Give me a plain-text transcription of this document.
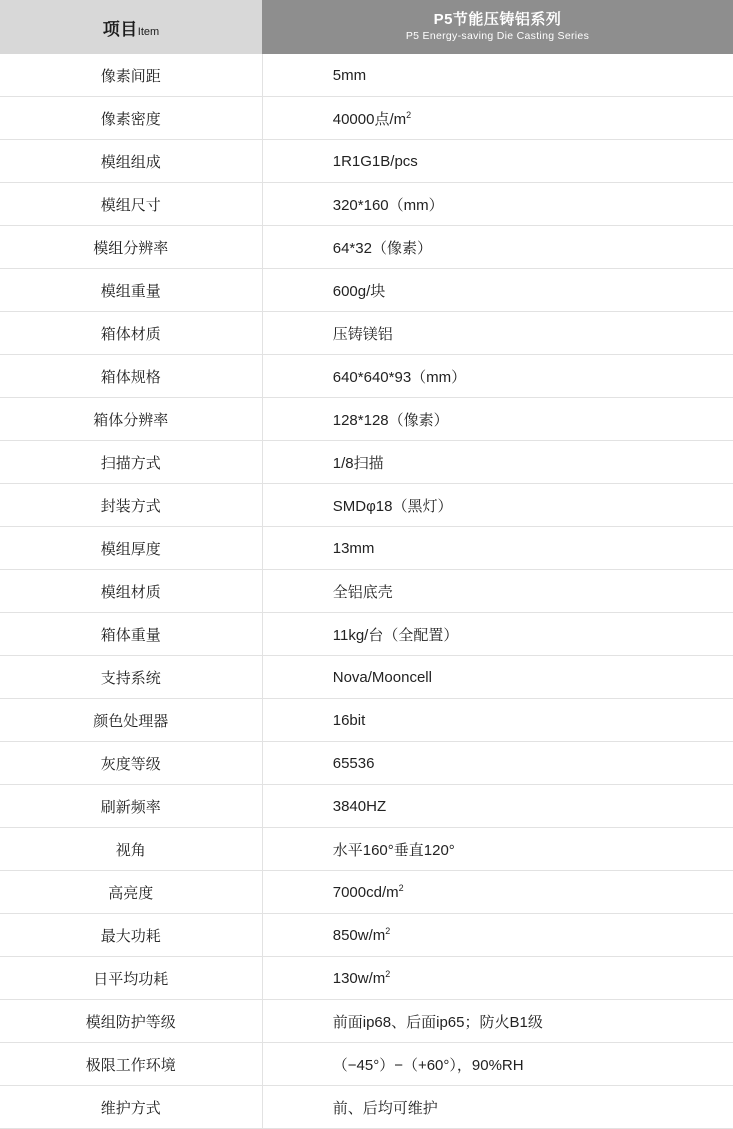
项目Item	P5节能压铸铝系列
P5 Energy-saving Die Casting Series

像素间距	5mm
像素密度	40000点$/m^2$
模组组成	1R1G1B/pcs
模组尺寸	320*160（mm）
模组分辨率	64*32（像素）
模组重量	600g/块
箱体材质	压铸镁铝
箱体规格	640*640*93（mm）
箱体分辨率	128*128（像素）
扫描方式	1/8扫描
封装方式	SMDφ18（黑灯）
模组厚度	13mm
模组材质	全铝底壳
箱体重量	11kg/台（全配置）
支持系统	Nova/Mooncell
颜色处理器	16bit
灰度等级	65536
刷新频率	3840HZ
视角	水平160°垂直120°
高亮度	$7000cd/m^2$
最大功耗	$850w/m^2$
日平均功耗	$130w/m^2$
模组防护等级	前面ip68、后面ip65；防火B1级
极限工作环境	（−45°）−（+60°），90%RH
维护方式	前、后均可维护
